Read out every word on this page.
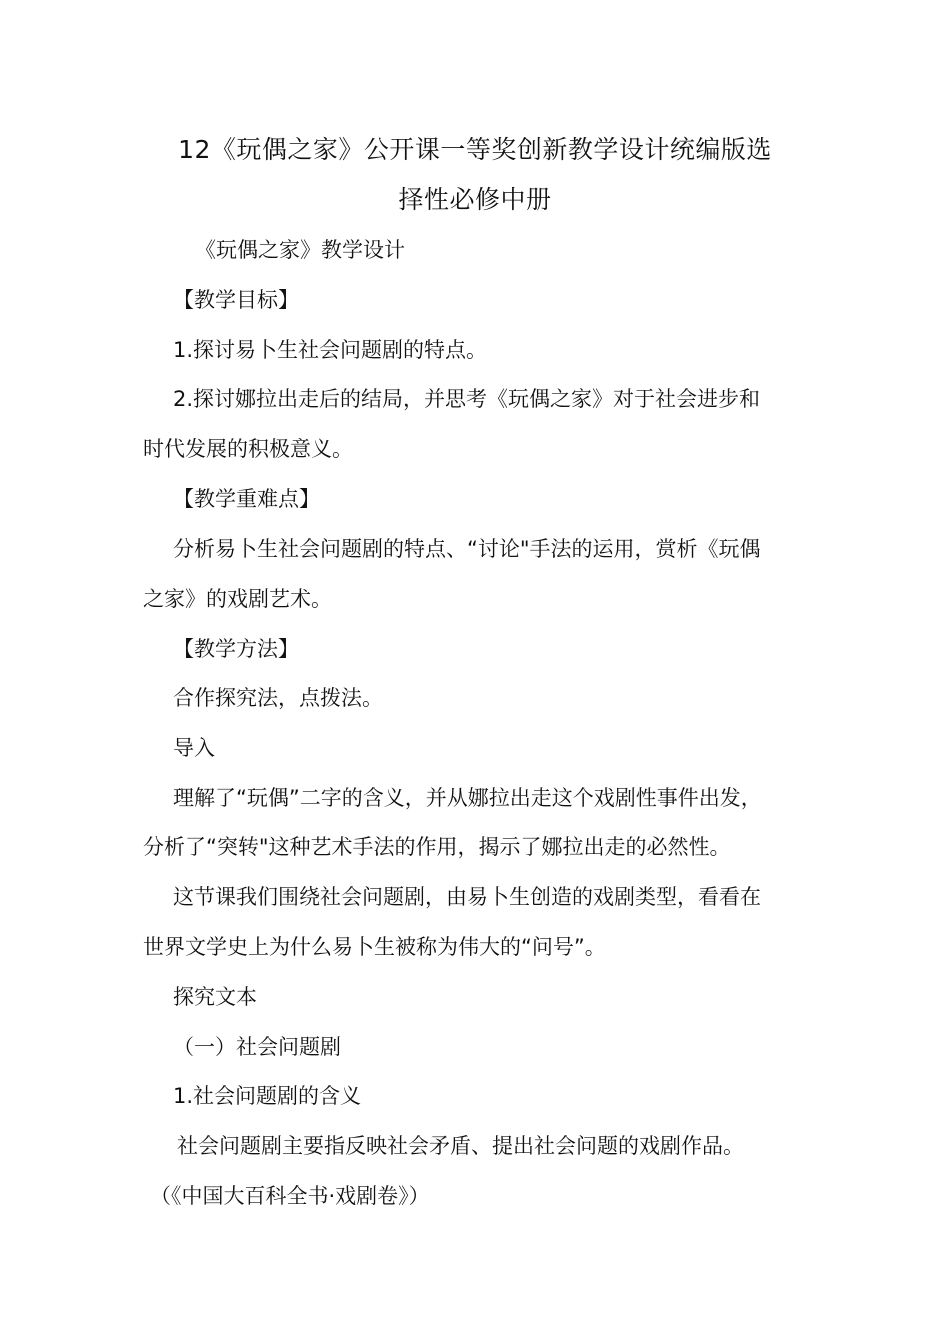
12《玩偶之家》公开课一等奖创新教学设计统编版选
择性必修中册

《玩偶之家》教学设计

【教学目标】

1.探讨易卜生社会问题剧的特点。

2.探讨娜拉出走后的结局，并思考《玩偶之家》对于社会进步和

时代发展的积极意义。

【教学重难点】

分析易卜生社会问题剧的特点、“讨论"手法的运用，赏析《玩偶

之家》的戏剧艺术。

【教学方法】

合作探究法，点拨法。

导入

理解了“玩偶”二字的含义，并从娜拉出走这个戏剧性事件出发，

分析了“突转"这种艺术手法的作用，揭示了娜拉出走的必然性。

这节课我们围绕社会问题剧，由易卜生创造的戏剧类型，看看在

世界文学史上为什么易卜生被称为伟大的“问号”。

探究文本

（一）社会问题剧

1.社会问题剧的含义

社会问题剧主要指反映社会矛盾、提出社会问题的戏剧作品。

（《中国大百科全书·戏剧卷》）
